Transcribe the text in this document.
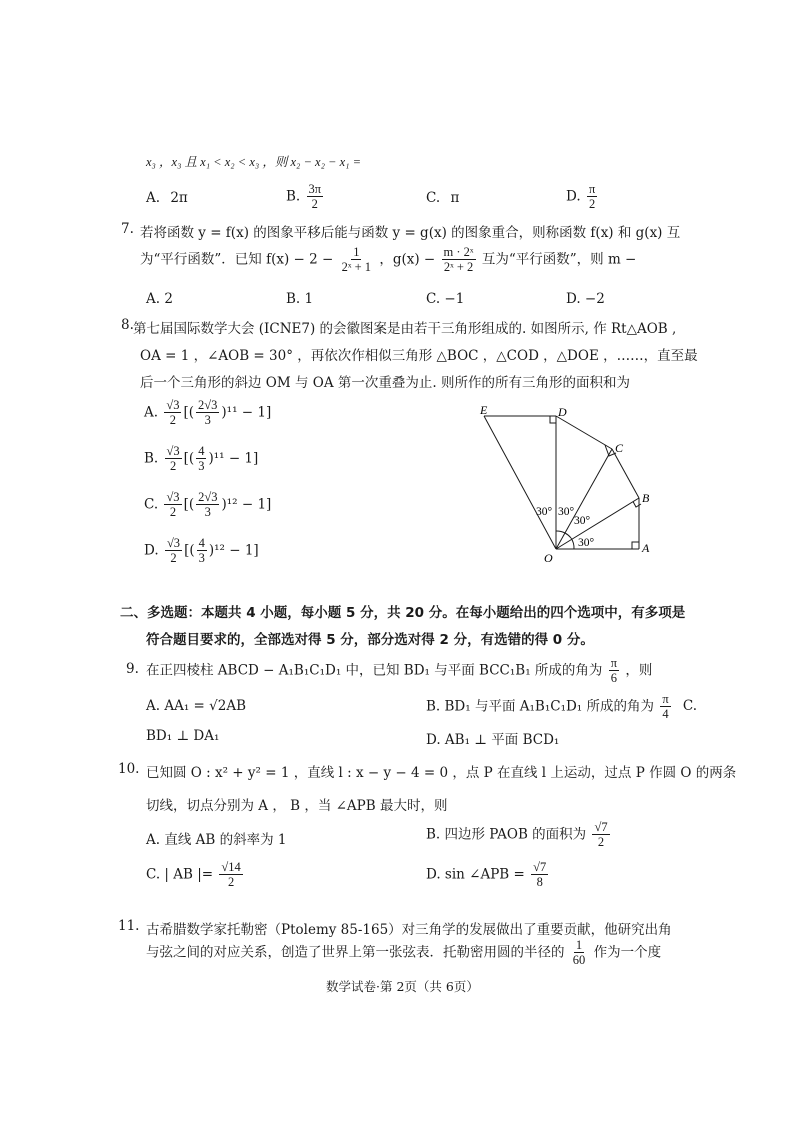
x₃ ，x₃ 且 x₁ < x₂ < x₃ ，则 x₂ − x₂ − x₁ =
A. 2π	B. $\frac{3\pi}{2}$	C. π	D. $\frac{\pi}{2}$
7. 若将函数 y = f(x) 的图象平移后能与函数 y = g(x) 的图象重合，则称函数 f(x) 和 g(x) 互
为“平行函数”．已知 $f(x) - 2 - \frac{1}{\text{2ˣ + 1}}$ ，$g(x) - \frac{\text{m · 2ˣ}}{\text{2ˣ + 2}}$ 互为“平行函数”，则 m −
A. 2	B. 1	C. −1	D. −2
8. 第七届国际数学大会 (ICNE7) 的会徽图案是由若干三角形组成的. 如图所示, 作 Rt△AOB ,
OA = 1 ，∠AOB = 30° ，再依次作相似三角形 △BOC ，△COD ，△DOE ，……，直至最
后一个三角形的斜边 OM 与 OA 第一次重叠为止. 则所作的所有三角形的面积和为
A. $\frac{√3}{2}$ [( $\frac{2√3}{3} )^{11} - 1$]
B. $\frac{√3}{2}$ [( $\frac{4}{3} )^{11} - 1$]
C. $\frac{√3}{2}$ [( $\frac{2√3}{3} )^{12} - 1$]
D. $\frac{√3}{2}$ [( $\frac{4}{3} )^{12} - 1$]	O
A
B
C
D
E
30°
30°
30°
30°
二、多选题：本题共 4 小题，每小题 5 分，共 20 分。在每小题给出的四个选项中，有多项是
符合题目要求的，全部选对得 5 分，部分选对得 2 分，有选错的得 0 分。
9. 在正四棱柱 ABCD − A₁B₁C₁D₁ 中，已知 BD₁ 与平面 BCC₁B₁ 所成的角为 $\frac{\pi}{6}$ ，则
A. AA₁ = √2AB	B. BD₁ 与平面 A₁B₁C₁D₁ 所成的角为 $\frac{\pi}{4} C$.
BD₁ ⊥ DA₁	D. AB₁ ⊥ 平面 BCD₁
10. 已知圆 O : x² + y² = 1 ，直线 l : x − y − 4 = 0 ，点 P 在直线 l 上运动，过点 P 作圆 O 的两条
切线，切点分别为 A ， B ，当 ∠APB 最大时，则
A. 直线 AB 的斜率为 1	B. 四边形 PAOB 的面积为 $\frac{√7}{2}$
C. | AB |= $\frac{√14}{2}$	D. sin ∠APB = $\frac{√7}{8}$
11. 古希腊数学家托勒密（Ptolemy 85-165）对三角学的发展做出了重要贡献，他研究出角
与弦之间的对应关系，创造了世界上第一张弦表．托勒密用圆的半径的 $\frac{1}{60}$ 作为一个度
数学试卷·第 2页（共 6页）
